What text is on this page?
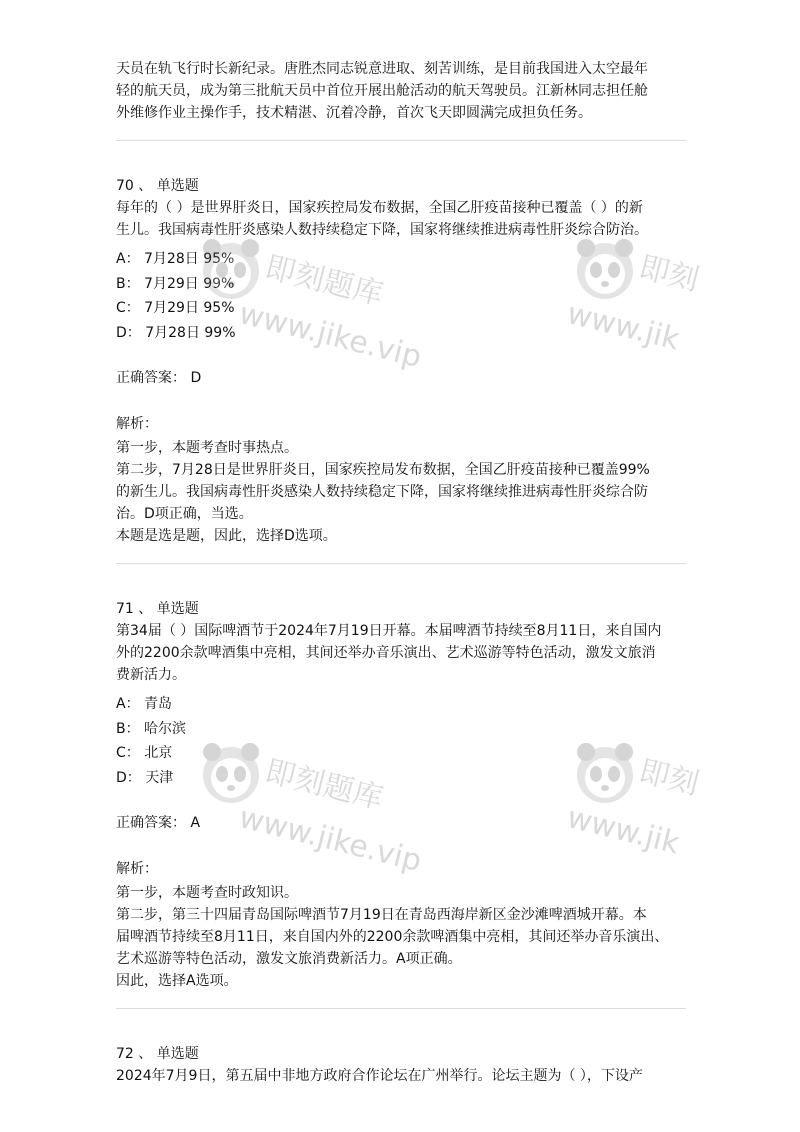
天员在轨飞行时长新纪录。唐胜杰同志锐意进取、刻苦训练，是目前我国进入太空最年

轻的航天员，成为第三批航天员中首位开展出舱活动的航天驾驶员。江新林同志担任舱

外维修作业主操作手，技术精湛、沉着冷静，首次飞天即圆满完成担负任务。

70 、 单选题

每年的（ ）是世界肝炎日，国家疾控局发布数据，全国乙肝疫苗接种已覆盖（ ）的新

生儿。我国病毒性肝炎感染人数持续稳定下降，国家将继续推进病毒性肝炎综合防治。

A： 7月28日 95%
B： 7月29日 99%
C： 7月29日 95%
D： 7月28日 99%

正确答案： D

解析：

第一步，本题考查时事热点。

第二步，7月28日是世界肝炎日，国家疾控局发布数据，全国乙肝疫苗接种已覆盖99%

的新生儿。我国病毒性肝炎感染人数持续稳定下降，国家将继续推进病毒性肝炎综合防

治。D项正确，当选。

本题是选是题，因此，选择D选项。

71 、 单选题

第34届（ ）国际啤酒节于2024年7月19日开幕。本届啤酒节持续至8月11日，来自国内

外的2200余款啤酒集中亮相，其间还举办音乐演出、艺术巡游等特色活动，激发文旅消

费新活力。

A： 青岛
B： 哈尔滨
C： 北京
D： 天津

正确答案： A

解析：

第一步，本题考查时政知识。

第二步，第三十四届青岛国际啤酒节7月19日在青岛西海岸新区金沙滩啤酒城开幕。本

届啤酒节持续至8月11日，来自国内外的2200余款啤酒集中亮相，其间还举办音乐演出、

艺术巡游等特色活动，激发文旅消费新活力。A项正确。

因此，选择A选项。

72 、 单选题

2024年7月9日，第五届中非地方政府合作论坛在广州举行。论坛主题为（ ），下设产

即刻题库
www.jike.vip
即刻
www.jik
即刻题库
www.jike.vip
即刻
www.jik
